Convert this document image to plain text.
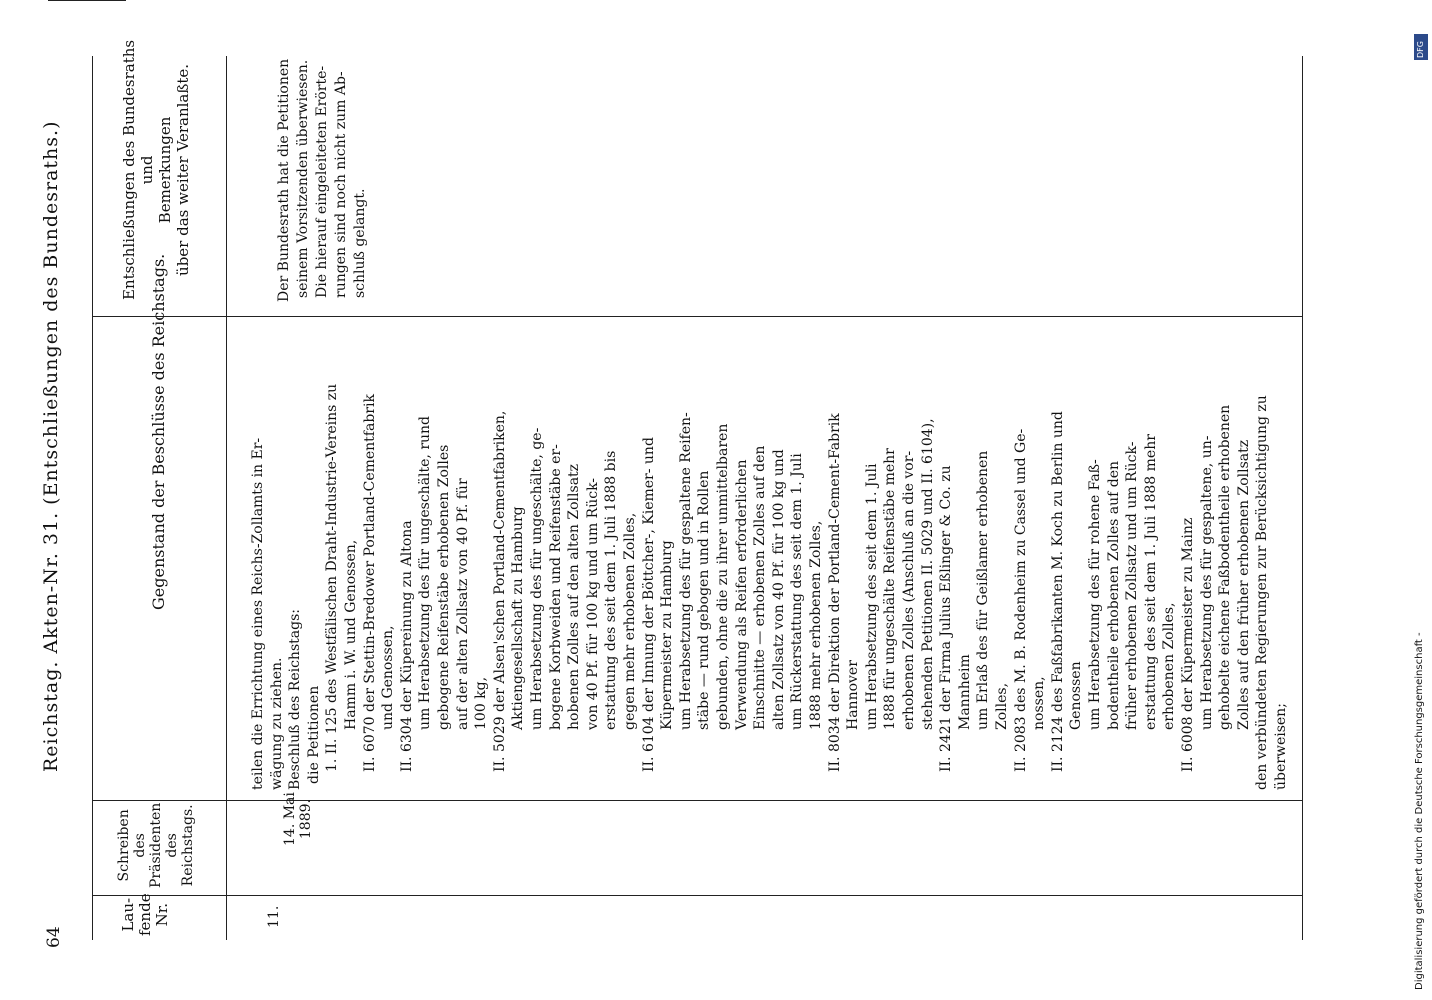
64
Reichstag. Akten-Nr. 31. (Entschließungen des Bundesraths.)
Lau- fende Nr.
Schreiben des Präsidenten des Reichstags.
Gegenstand der Beschlüsse des Reichstags.
Entschließungen des Bundesraths und Bemerkungen über das weiter Veranlaßte.
11.
14. Mai 1889.
teilen die Errichtung eines Reichs-Zollamts in Er- wägung zu ziehen. Beschluß des Reichstags: die Petitionen 1. II. 125 des Westfälischen Draht-Industrie-Vereins zu Hamm i. W. und Genossen, II. 6070 der Stettin-Bredower Portland-Cementfabrik und Genossen, II. 6304 der Küpereinung zu Altona um Herabsetzung des für ungeschälte, rund gebogene Reifenstäbe erhobenen Zolles auf der alten Zollsatz von 40 Pf. für 100 kg, II. 5029 der Alsen'schen Portland-Cementfabriken, Aktiengesellschaft zu Hamburg um Herabsetzung des für ungeschälte, ge- bogene Korbweiden und Reifenstäbe er- hobenen Zolles auf den alten Zollsatz von 40 Pf. für 100 kg und um Rück- erstattung des seit dem 1. Juli 1888 bis gegen mehr erhobenen Zolles, II. 6104 der Innung der Böttcher-, Kiemer- und Küpermeister zu Hamburg um Herabsetzung des für gespaltene Reifen- stäbe — rund gebogen und in Rollen gebunden, ohne die zu ihrer unmittelbaren Verwendung als Reifen erforderlichen Einschnitte — erhobenen Zolles auf den alten Zollsatz von 40 Pf. für 100 kg und um Rückerstattung des seit dem 1. Juli 1888 mehr erhobenen Zolles, II. 8034 der Direktion der Portland-Cement-Fabrik Hannover um Herabsetzung des seit dem 1. Juli 1888 für ungeschälte Reifenstäbe mehr erhobenen Zolles (Anschluß an die vor- stehenden Petitionen II. 5029 und II. 6104), II. 2421 der Firma Julius Eßlinger & Co. zu Mannheim um Erlaß des für Geißlamer erhobenen Zolles, II. 2083 des M. B. Rodenheim zu Cassel und Ge- nossen, II. 2124 des Faßfabrikanten M. Koch zu Berlin und Genossen um Herabsetzung des für rohene Faß- bodentheile erhobenen Zolles auf den früher erhobenen Zollsatz und um Rück- erstattung des seit dem 1. Juli 1888 mehr erhobenen Zolles, II. 6008 der Küpermeister zu Mainz um Herabsetzung des für gespaltene, un- gehobelte eichene Faßbodentheile erhobenen Zolles auf den früher erhobenen Zollsatz den verbündeten Regierungen zur Berücksichtigung zu überweisen;
Der Bundesrath hat die Petitionen seinem Vorsitzenden überwiesen. Die hierauf eingeleiteten Erörte- rungen sind noch nicht zum Ab- schluß gelangt.
Digitalisierung gefördert durch die Deutsche Forschungsgemeinschaft -
DFG
